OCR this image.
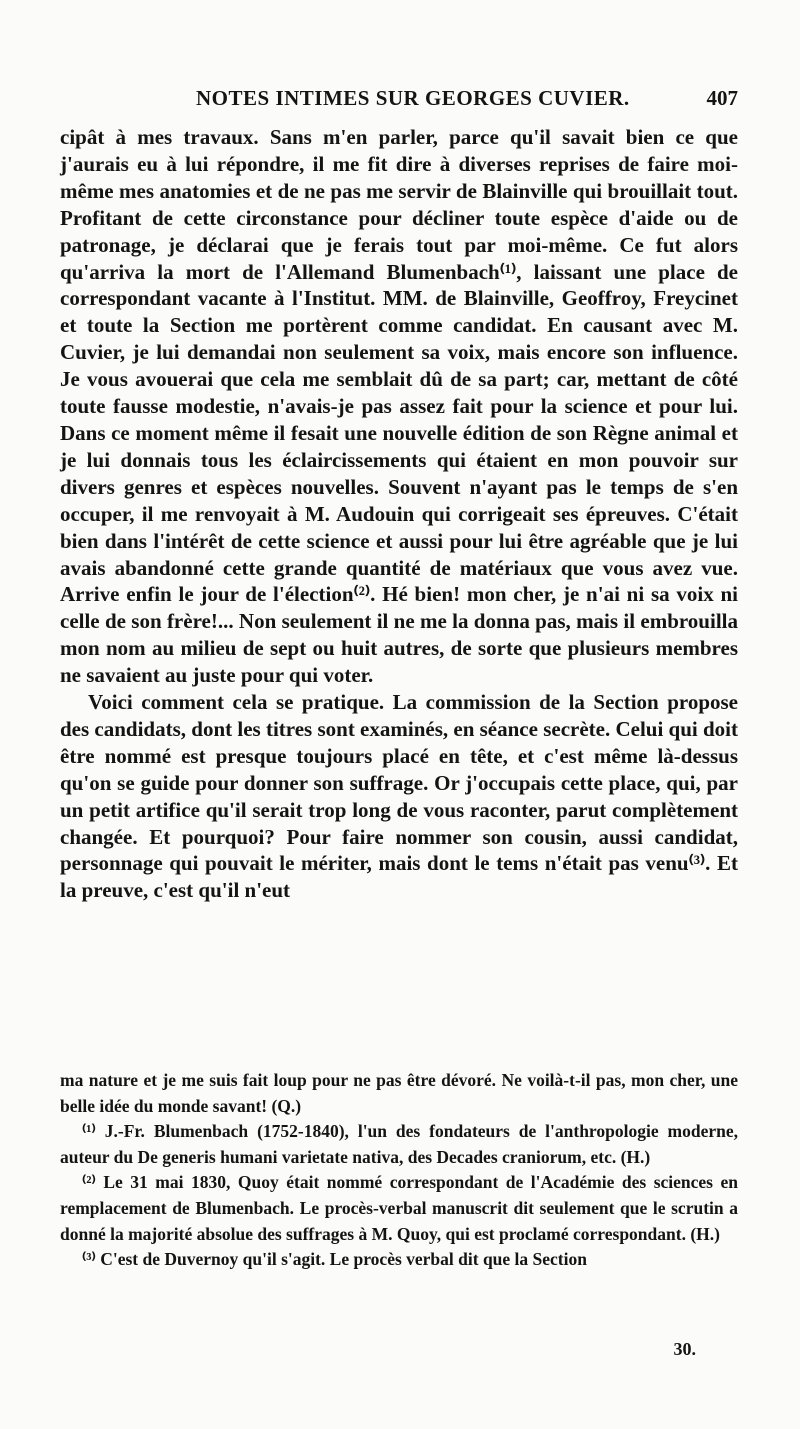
NOTES INTIMES SUR GEORGES CUVIER.	407

cipât à mes travaux. Sans m'en parler, parce qu'il savait bien ce que j'aurais eu à lui répondre, il me fit dire à diverses reprises de faire moi-même mes anatomies et de ne pas me servir de Blainville qui brouillait tout. Profitant de cette circonstance pour décliner toute espèce d'aide ou de patronage, je déclarai que je ferais tout par moi-même. Ce fut alors qu'arriva la mort de l'Allemand Blumenbach⁽¹⁾, laissant une place de correspondant vacante à l'Institut. MM. de Blainville, Geoffroy, Freycinet et toute la Section me portèrent comme candidat. En causant avec M. Cuvier, je lui demandai non seulement sa voix, mais encore son influence. Je vous avouerai que cela me semblait dû de sa part; car, mettant de côté toute fausse modestie, n'avais-je pas assez fait pour la science et pour lui. Dans ce moment même il fesait une nouvelle édition de son Règne animal et je lui donnais tous les éclaircissements qui étaient en mon pouvoir sur divers genres et espèces nouvelles. Souvent n'ayant pas le temps de s'en occuper, il me renvoyait à M. Audouin qui corrigeait ses épreuves. C'était bien dans l'intérêt de cette science et aussi pour lui être agréable que je lui avais abandonné cette grande quantité de matériaux que vous avez vue. Arrive enfin le jour de l'élection⁽²⁾. Hé bien! mon cher, je n'ai ni sa voix ni celle de son frère!... Non seulement il ne me la donna pas, mais il embrouilla mon nom au milieu de sept ou huit autres, de sorte que plusieurs membres ne savaient au juste pour qui voter.

Voici comment cela se pratique. La commission de la Section propose des candidats, dont les titres sont examinés, en séance secrète. Celui qui doit être nommé est presque toujours placé en tête, et c'est même là-dessus qu'on se guide pour donner son suffrage. Or j'occupais cette place, qui, par un petit artifice qu'il serait trop long de vous raconter, parut complètement changée. Et pourquoi? Pour faire nommer son cousin, aussi candidat, personnage qui pouvait le mériter, mais dont le tems n'était pas venu⁽³⁾. Et la preuve, c'est qu'il n'eut

ma nature et je me suis fait loup pour ne pas être dévoré. Ne voilà-t-il pas, mon cher, une belle idée du monde savant! (Q.)

⁽¹⁾ J.-Fr. Blumenbach (1752-1840), l'un des fondateurs de l'anthropologie moderne, auteur du De generis humani varietate nativa, des Decades craniorum, etc. (H.)

⁽²⁾ Le 31 mai 1830, Quoy était nommé correspondant de l'Académie des sciences en remplacement de Blumenbach. Le procès-verbal manuscrit dit seulement que le scrutin a donné la majorité absolue des suffrages à M. Quoy, qui est proclamé correspondant. (H.)

⁽³⁾ C'est de Duvernoy qu'il s'agit. Le procès verbal dit que la Section

30.
